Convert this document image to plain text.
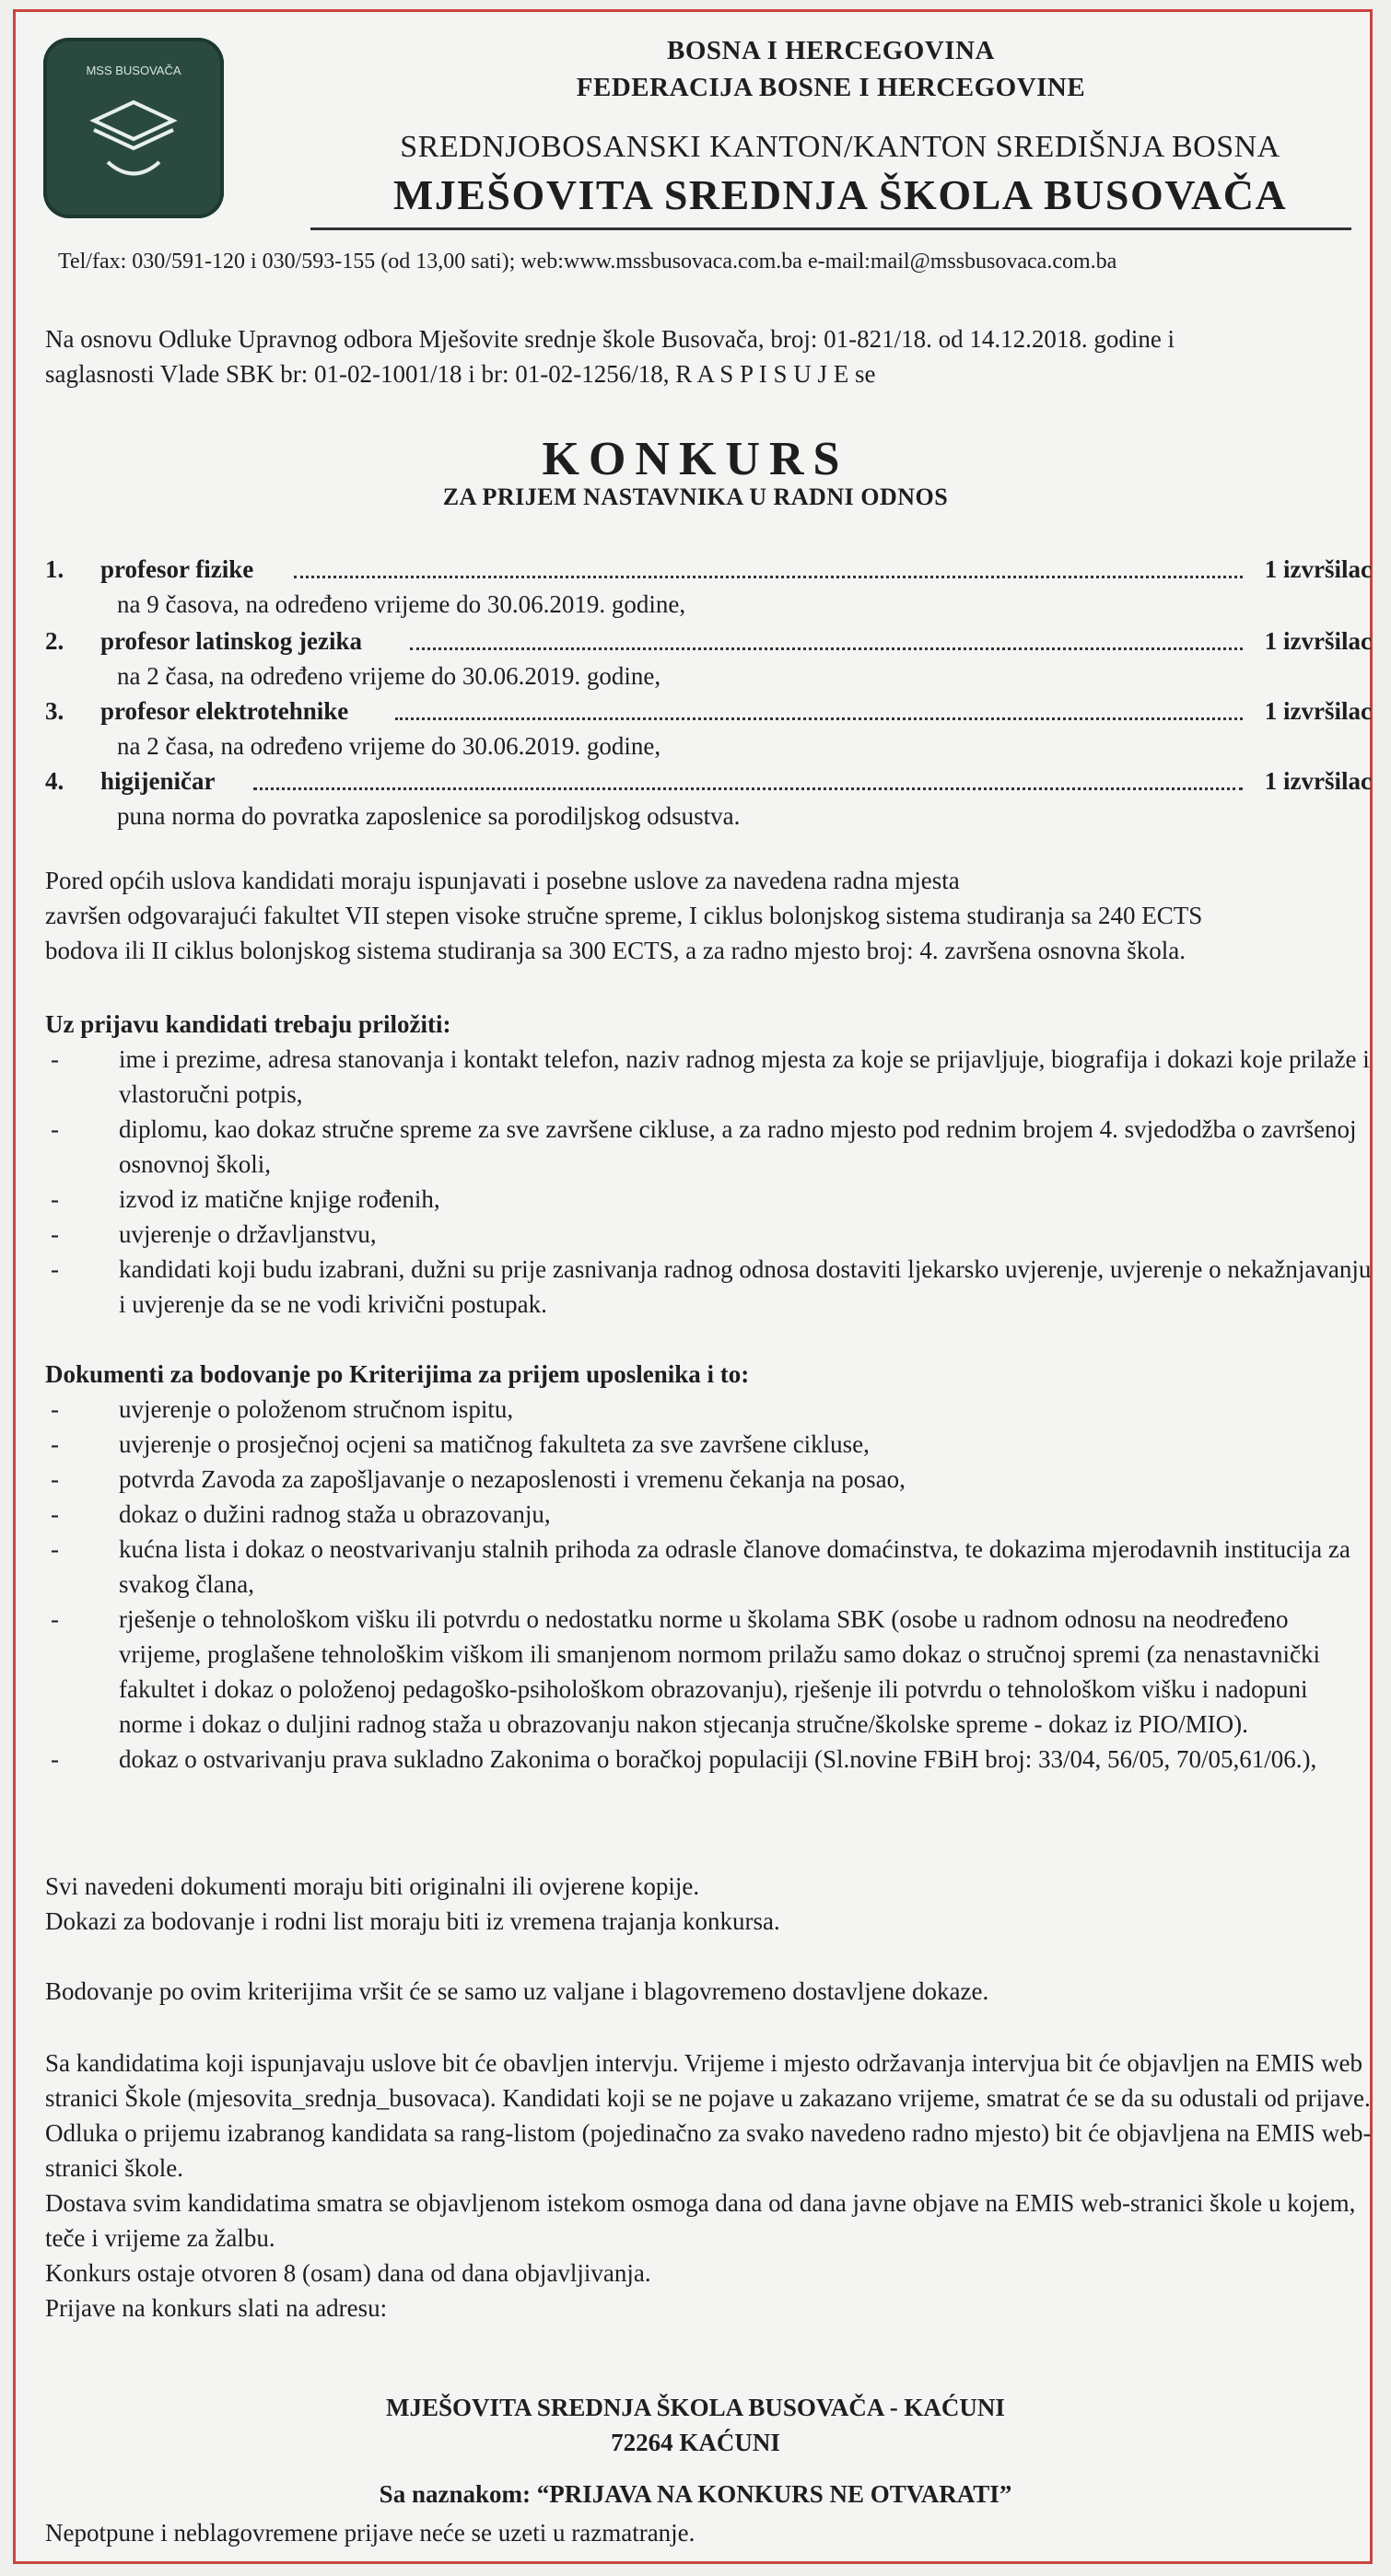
MSS BUSOVAČA
BOSNA I HERCEGOVINA
FEDERACIJA BOSNE I HERCEGOVINE
SREDNJOBOSANSKI KANTON/KANTON SREDIŠNJA BOSNA
MJEŠOVITA SREDNJA ŠKOLA BUSOVAČA
Tel/fax: 030/591-120 i 030/593-155 (od 13,00 sati); web:www.mssbusovaca.com.ba e-mail:mail@mssbusovaca.com.ba
Na osnovu Odluke Upravnog odbora Mješovite srednje škole Busovača, broj: 01-821/18. od 14.12.2018. godine i
saglasnosti Vlade SBK br: 01-02-1001/18 i br: 01-02-1256/18, R A S P I S U J E se
KONKURS
ZA PRIJEM NASTAVNIKA U RADNI ODNOS
1. profesor fizike	1 izvršilac
na 9 časova, na određeno vrijeme do 30.06.2019. godine,
2. profesor latinskog jezika	1 izvršilac
na 2 časa, na određeno vrijeme do 30.06.2019. godine,
3. profesor elektrotehnike	1 izvršilac
na 2 časa, na određeno vrijeme do 30.06.2019. godine,
4. higijeničar	1 izvršilac
puna norma do povratka zaposlenice sa porodiljskog odsustva.
Pored općih uslova kandidati moraju ispunjavati i posebne uslove za navedena radna mjesta
završen odgovarajući fakultet VII stepen visoke stručne spreme, I ciklus bolonjskog sistema studiranja sa 240 ECTS
bodova ili II ciklus bolonjskog sistema studiranja sa 300 ECTS, a za radno mjesto broj: 4. završena osnovna škola.
Uz prijavu kandidati trebaju priložiti:
- ime i prezime, adresa stanovanja i kontakt telefon, naziv radnog mjesta za koje se prijavljuje, biografija i dokazi koje prilaže i vlastoručni potpis,
- diplomu, kao dokaz stručne spreme za sve završene cikluse, a za radno mjesto pod rednim brojem 4. svjedodžba o završenoj osnovnoj školi,
- izvod iz matične knjige rođenih,
- uvjerenje o državljanstvu,
- kandidati koji budu izabrani, dužni su prije zasnivanja radnog odnosa dostaviti ljekarsko uvjerenje, uvjerenje o nekažnjavanju i uvjerenje da se ne vodi krivični postupak.
Dokumenti za bodovanje po Kriterijima za prijem uposlenika i to:
- uvjerenje o položenom stručnom ispitu,
- uvjerenje o prosječnoj ocjeni sa matičnog fakulteta za sve završene cikluse,
- potvrda Zavoda za zapošljavanje o nezaposlenosti i vremenu čekanja na posao,
- dokaz o dužini radnog staža u obrazovanju,
- kućna lista i dokaz o neostvarivanju stalnih prihoda za odrasle članove domaćinstva, te dokazima mjerodavnih institucija za svakog člana,
- rješenje o tehnološkom višku ili potvrdu o nedostatku norme u školama SBK (osobe u radnom odnosu na neodređeno vrijeme, proglašene tehnološkim viškom ili smanjenom normom prilažu samo dokaz o stručnoj spremi (za nenastavnički fakultet i dokaz o položenoj pedagoško-psihološkom obrazovanju), rješenje ili potvrdu o tehnološkom višku i nadopuni norme i dokaz o duljini radnog staža u obrazovanju nakon stjecanja stručne/školske spreme - dokaz iz PIO/MIO).
- dokaz o ostvarivanju prava sukladno Zakonima o boračkoj populaciji (Sl.novine FBiH broj: 33/04, 56/05, 70/05,61/06.),
Svi navedeni dokumenti moraju biti originalni ili ovjerene kopije.
Dokazi za bodovanje i rodni list moraju biti iz vremena trajanja konkursa.
Bodovanje po ovim kriterijima vršit će se samo uz valjane i blagovremeno dostavljene dokaze.
Sa kandidatima koji ispunjavaju uslove bit će obavljen intervju. Vrijeme i mjesto održavanja intervjua bit će objavljen na EMIS web stranici Škole (mjesovita_srednja_busovaca). Kandidati koji se ne pojave u zakazano vrijeme, smatrat će se da su odustali od prijave.
Odluka o prijemu izabranog kandidata sa rang-listom (pojedinačno za svako navedeno radno mjesto) bit će objavljena na EMIS web-stranici škole.
Dostava svim kandidatima smatra se objavljenom istekom osmoga dana od dana javne objave na EMIS web-stranici škole u kojem, teče i vrijeme za žalbu.
Konkurs ostaje otvoren 8 (osam) dana od dana objavljivanja.
Prijave na konkurs slati na adresu:
MJEŠOVITA SREDNJA ŠKOLA BUSOVAČA - KAĆUNI
72264 KAĆUNI
Sa naznakom: “PRIJAVA NA KONKURS NE OTVARATI”
Nepotpune i neblagovremene prijave neće se uzeti u razmatranje.
